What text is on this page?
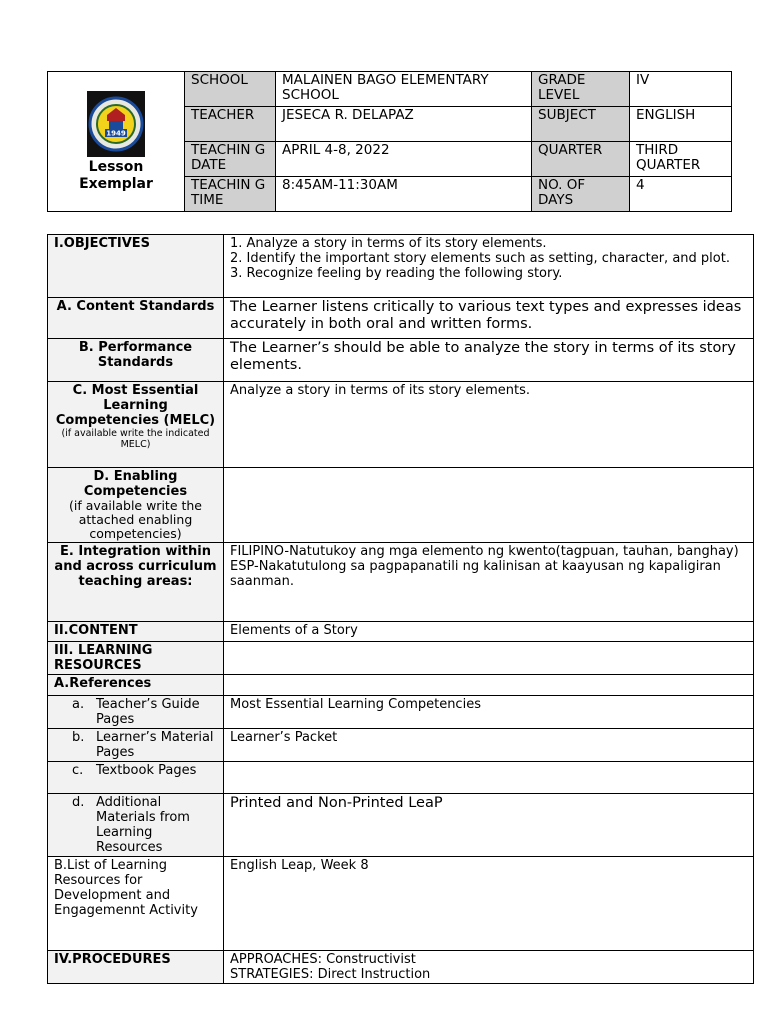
1949
Lesson Exemplar	SCHOOL	MALAINEN BAGO ELEMENTARY SCHOOL	GRADE LEVEL	IV
	TEACHER	JESECA R. DELAPAZ	SUBJECT	ENGLISH
	TEACHIN G DATE	APRIL 4-8, 2022	QUARTER	THIRD QUARTER
	TEACHIN G TIME	8:45AM-11:30AM	NO. OF DAYS	4
I.OBJECTIVES	1. Analyze a story in terms of its story elements.
2. Identify the important story elements such as setting, character, and plot.
3. Recognize feeling by reading the following story.

A. Content Standards	The Learner listens critically to various text types and expresses ideas accurately in both oral and written forms.
B. Performance Standards	The Learner’s should be able to analyze the story in terms of its story elements.

C. Most Essential Learning Competencies (MELC)
(if available write the indicated MELC)	Analyze a story in terms of its story elements.

D. Enabling Competencies
(if available write the attached enabling competencies)	

E. Integration within and across curriculum teaching areas:	FILIPINO-Natutukoy ang mga elemento ng kwento(tagpuan, tauhan, banghay)
ESP-Nakatutulong sa pagpapanatili ng kalinisan at kaayusan ng kapaligiran saanman.

II.CONTENT	Elements of a Story
III. LEARNING RESOURCES	
A.References	

a. Teacher’s Guide Pages	Most Essential Learning Competencies

b. Learner’s Material Pages	Learner’s Packet

c. Textbook Pages	

d. Additional Materials from Learning Resources	Printed and Non-Printed LeaP
B.List of Learning Resources for Development and Engagemennt Activity	English Leap, Week 8
IV.PROCEDURES	APPROACHES: Constructivist
STRATEGIES: Direct Instruction
